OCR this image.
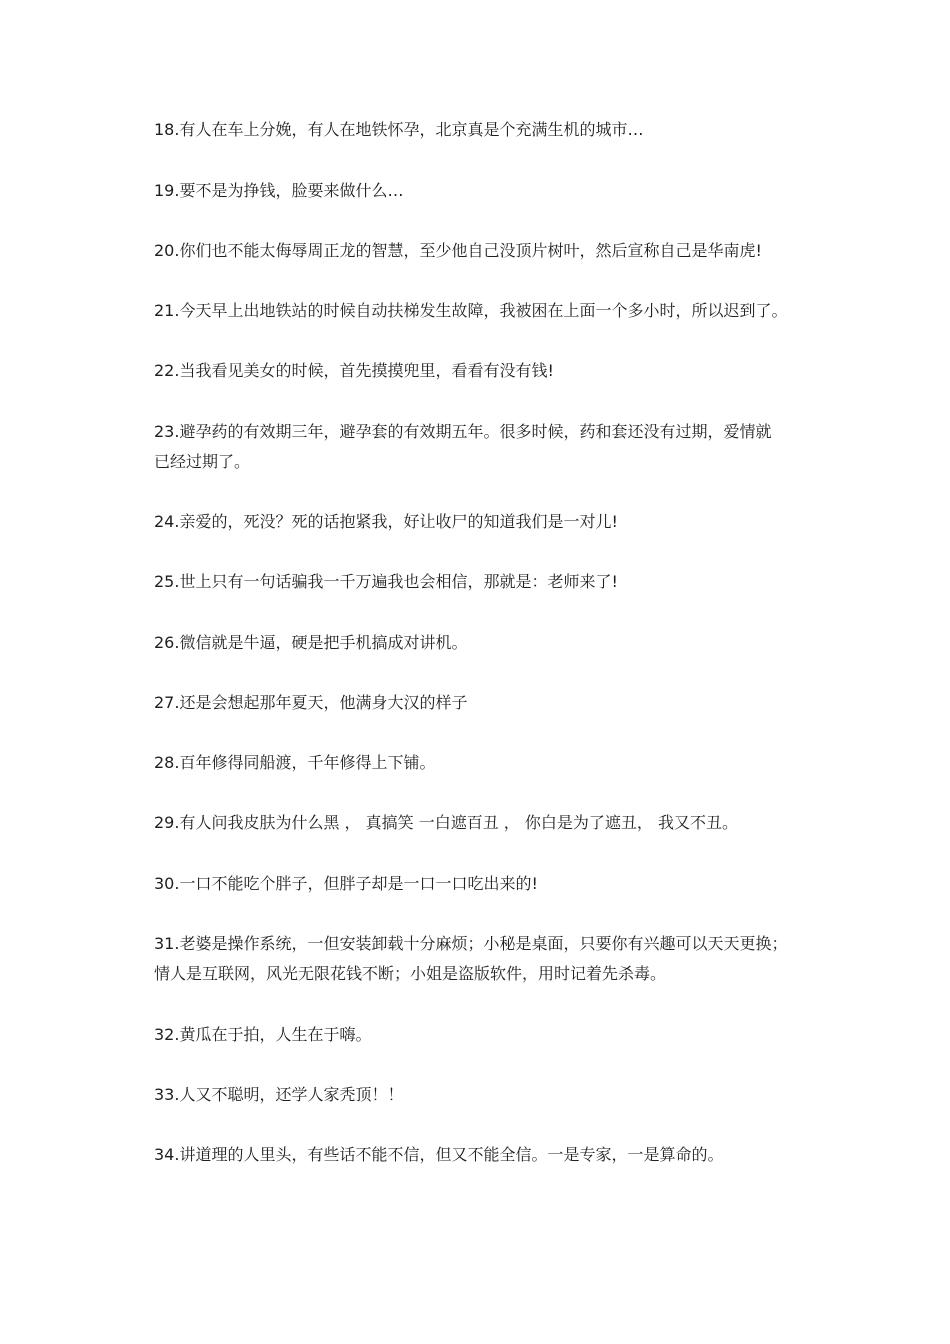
18.有人在车上分娩，有人在地铁怀孕，北京真是个充满生机的城市…
19.要不是为挣钱，脸要来做什么…
20.你们也不能太侮辱周正龙的智慧，至少他自己没顶片树叶，然后宣称自己是华南虎!
21.今天早上出地铁站的时候自动扶梯发生故障，我被困在上面一个多小时，所以迟到了。
22.当我看见美女的时候，首先摸摸兜里，看看有没有钱!
23.避孕药的有效期三年，避孕套的有效期五年。很多时候，药和套还没有过期，爱情就
已经过期了。
24.亲爱的，死没？死的话抱紧我，好让收尸的知道我们是一对儿!
25.世上只有一句话骗我一千万遍我也会相信，那就是：老师来了!
26.微信就是牛逼，硬是把手机搞成对讲机。
27.还是会想起那年夏天，他满身大汉的样子
28.百年修得同船渡，千年修得上下铺。
29.有人问我皮肤为什么黑 ， 真搞笑 一白遮百丑 ， 你白是为了遮丑， 我又不丑。
30.一口不能吃个胖子，但胖子却是一口一口吃出来的!
31.老婆是操作系统，一但安装卸载十分麻烦；小秘是桌面，只要你有兴趣可以天天更换；
情人是互联网，风光无限花钱不断；小姐是盗版软件，用时记着先杀毒。
32.黄瓜在于拍，人生在于嗨。
33.人又不聪明，还学人家秃顶！！
34.讲道理的人里头，有些话不能不信，但又不能全信。一是专家，一是算命的。
